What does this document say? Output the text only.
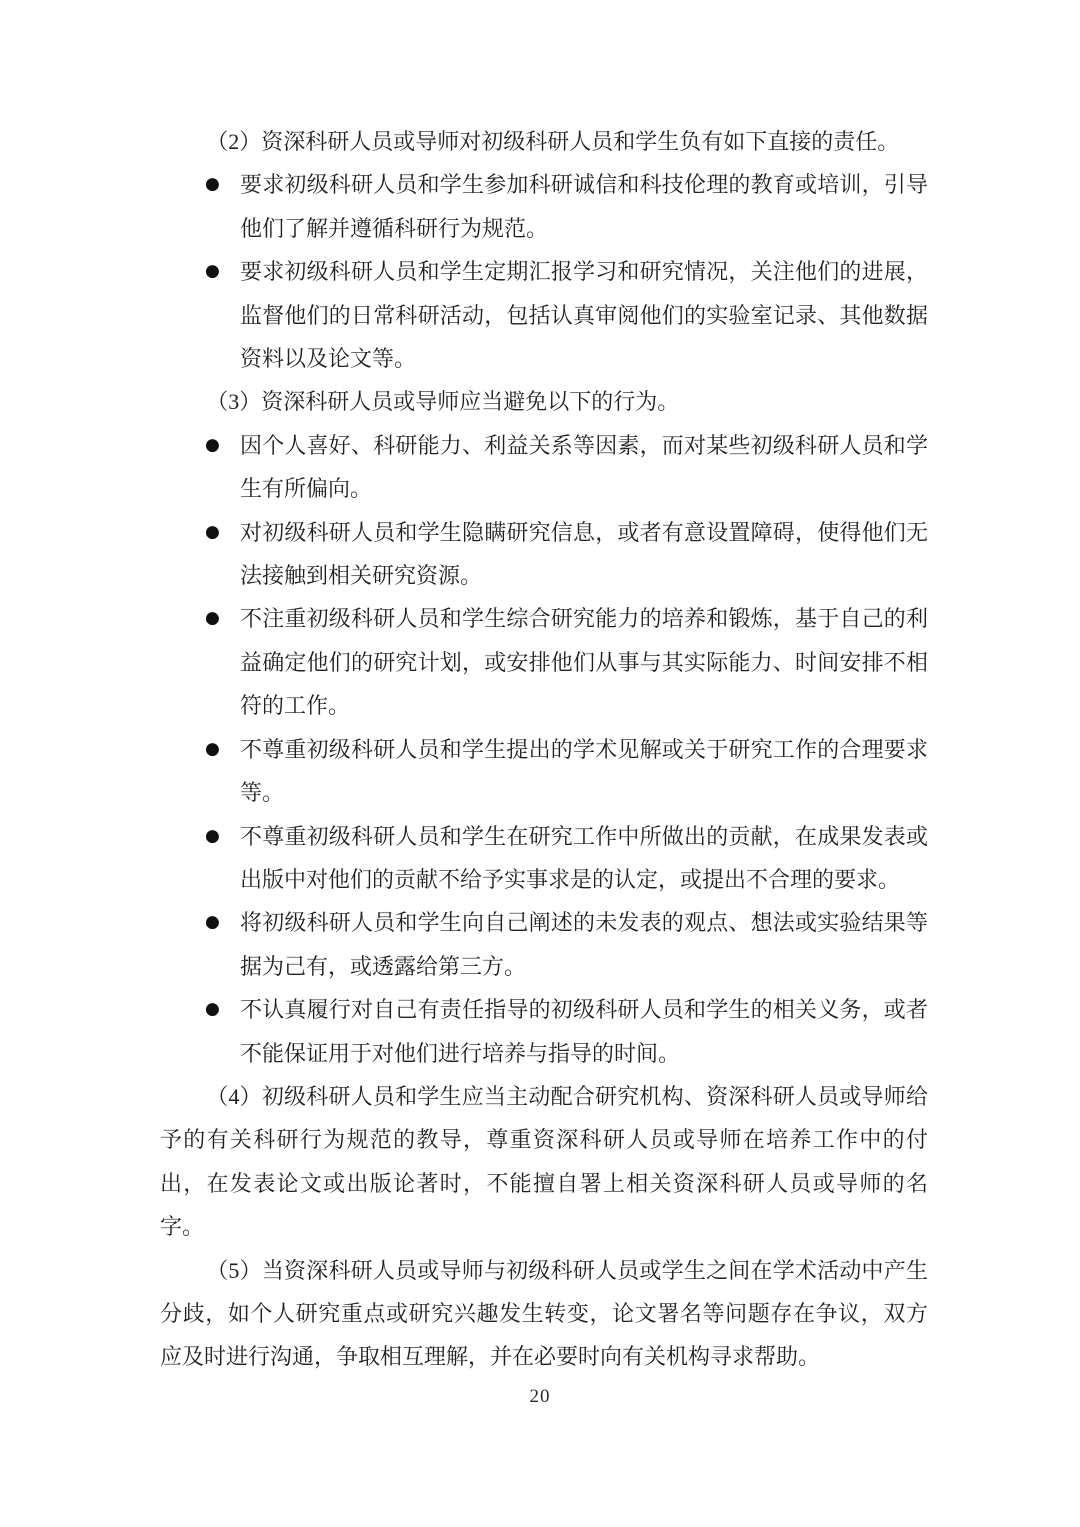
（2）资深科研人员或导师对初级科研人员和学生负有如下直接的责任。

● 要求初级科研人员和学生参加科研诚信和科技伦理的教育或培训，引导他们了解并遵循科研行为规范。
● 要求初级科研人员和学生定期汇报学习和研究情况，关注他们的进展，监督他们的日常科研活动，包括认真审阅他们的实验室记录、其他数据资料以及论文等。

（3）资深科研人员或导师应当避免以下的行为。

● 因个人喜好、科研能力、利益关系等因素，而对某些初级科研人员和学生有所偏向。
● 对初级科研人员和学生隐瞒研究信息，或者有意设置障碍，使得他们无法接触到相关研究资源。
● 不注重初级科研人员和学生综合研究能力的培养和锻炼，基于自己的利益确定他们的研究计划，或安排他们从事与其实际能力、时间安排不相符的工作。
● 不尊重初级科研人员和学生提出的学术见解或关于研究工作的合理要求等。
● 不尊重初级科研人员和学生在研究工作中所做出的贡献，在成果发表或出版中对他们的贡献不给予实事求是的认定，或提出不合理的要求。
● 将初级科研人员和学生向自己阐述的未发表的观点、想法或实验结果等据为己有，或透露给第三方。
● 不认真履行对自己有责任指导的初级科研人员和学生的相关义务，或者不能保证用于对他们进行培养与指导的时间。

（4）初级科研人员和学生应当主动配合研究机构、资深科研人员或导师给予的有关科研行为规范的教导，尊重资深科研人员或导师在培养工作中的付出，在发表论文或出版论著时，不能擅自署上相关资深科研人员或导师的名字。

（5）当资深科研人员或导师与初级科研人员或学生之间在学术活动中产生分歧，如个人研究重点或研究兴趣发生转变，论文署名等问题存在争议，双方应及时进行沟通，争取相互理解，并在必要时向有关机构寻求帮助。

20
